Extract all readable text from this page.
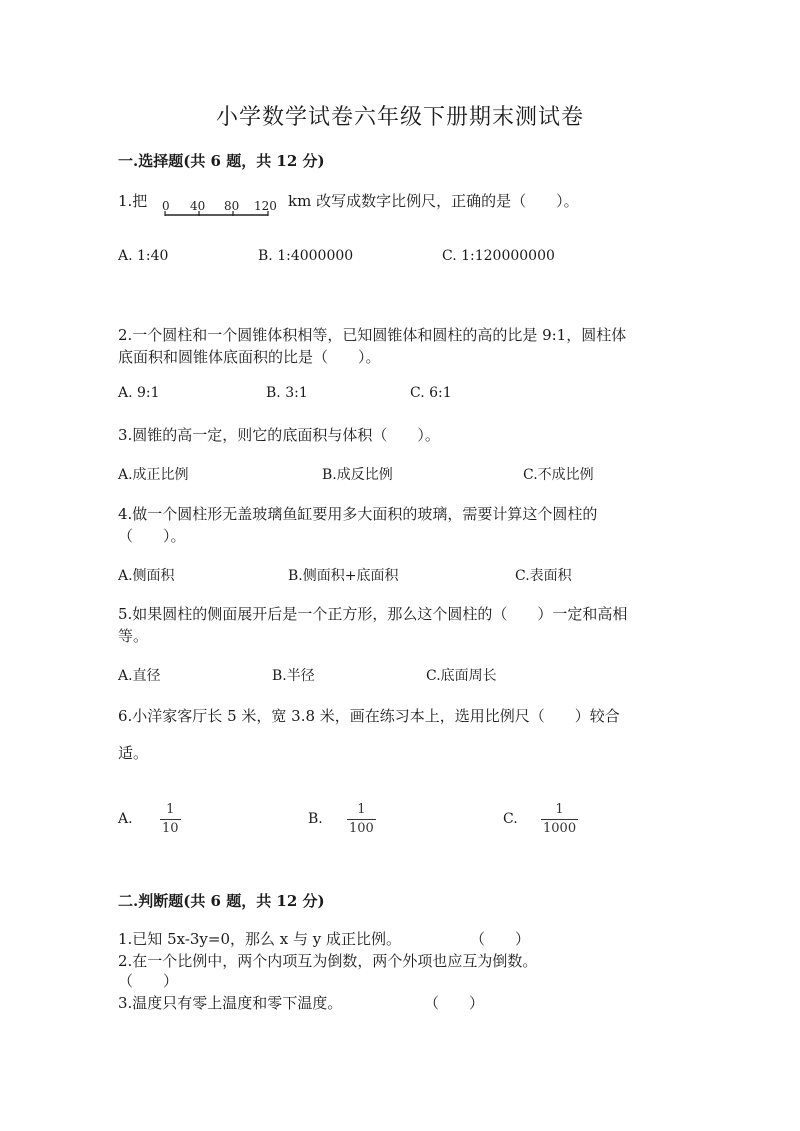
小学数学试卷六年级下册期末测试卷
一.选择题(共 6 题，共 12 分)
1.把 0 40 80 120 km 改写成数字比例尺，正确的是（　　）。
A. 1:40	B. 1:4000000	C. 1:120000000
2.一个圆柱和一个圆锥体积相等，已知圆锥体和圆柱的高的比是 9:1，圆柱体
底面积和圆锥体底面积的比是（　　）。
A. 9:1	B. 3:1	C. 6:1
3.圆锥的高一定，则它的底面积与体积（　　）。
A.成正比例	B.成反比例	C.不成比例
4.做一个圆柱形无盖玻璃鱼缸要用多大面积的玻璃，需要计算这个圆柱的
（　　）。
A.侧面积	B.侧面积+底面积	C.表面积
5.如果圆柱的侧面展开后是一个正方形，那么这个圆柱的（　　）一定和高相
等。
A.直径	B.半径	C.底面周长
6.小洋家客厅长 5 米，宽 3.8 米，画在练习本上，选用比例尺（　　）较合
适。
A.
1
10
B.
1
100
C.
1
1000
二.判断题(共 6 题，共 12 分)
1.已知 5x-3y=0，那么 x 与 y 成正比例。	（　　）
2.在一个比例中，两个内项互为倒数，两个外项也应互为倒数。
（　　）
3.温度只有零上温度和零下温度。	（　　）
